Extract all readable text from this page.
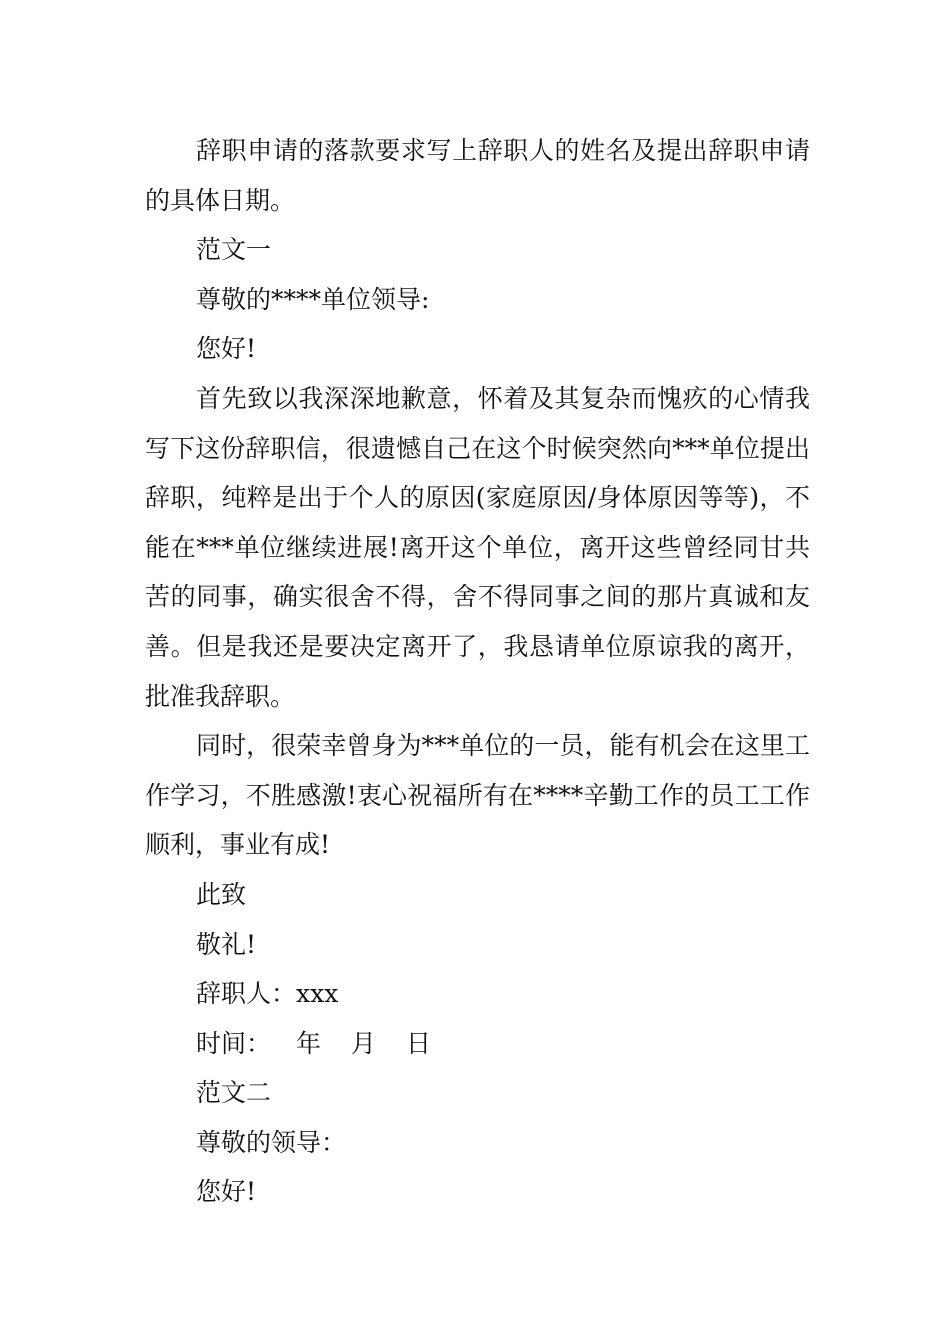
辞职申请的落款要求写上辞职人的姓名及提出辞职申请的具体日期。

范文一

尊敬的****单位领导:

您好!

首先致以我深深地歉意，怀着及其复杂而愧疚的心情我写下这份辞职信，很遗憾自己在这个时候突然向***单位提出辞职，纯粹是出于个人的原因(家庭原因/身体原因等等)，不能在***单位继续进展!离开这个单位，离开这些曾经同甘共苦的同事，确实很舍不得，舍不得同事之间的那片真诚和友善。但是我还是要决定离开了，我恳请单位原谅我的离开，批准我辞职。

同时，很荣幸曾身为***单位的一员，能有机会在这里工作学习，不胜感激!衷心祝福所有在****辛勤工作的员工工作顺利，事业有成!

此致

敬礼!

辞职人：xxx

时间： 年 月 日

范文二

尊敬的领导：

您好!
